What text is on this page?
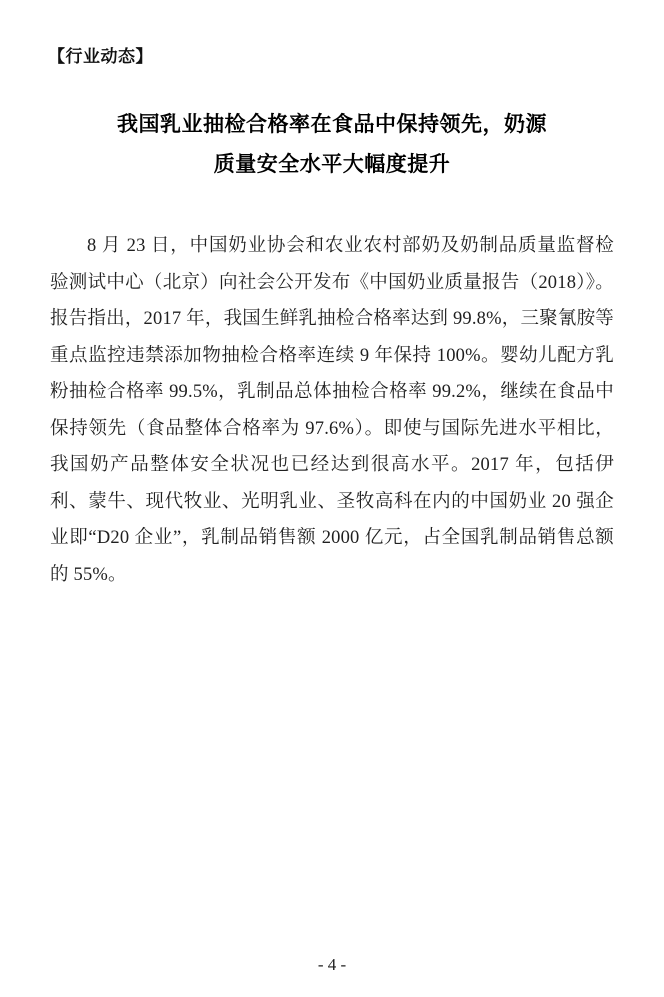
【行业动态】
我国乳业抽检合格率在食品中保持领先，奶源
质量安全水平大幅度提升
8 月 23 日，中国奶业协会和农业农村部奶及奶制品质量监督检验测试中心（北京）向社会公开发布《中国奶业质量报告（2018）》。报告指出，2017 年，我国生鲜乳抽检合格率达到 99.8%，三聚氰胺等重点监控违禁添加物抽检合格率连续 9 年保持 100%。婴幼儿配方乳粉抽检合格率 99.5%，乳制品总体抽检合格率 99.2%，继续在食品中保持领先（食品整体合格率为 97.6%）。即使与国际先进水平相比，我国奶产品整体安全状况也已经达到很高水平。2017 年，包括伊利、蒙牛、现代牧业、光明乳业、圣牧高科在内的中国奶业 20 强企业即“D20 企业”，乳制品销售额 2000 亿元，占全国乳制品销售总额的 55%。
- 4 -
